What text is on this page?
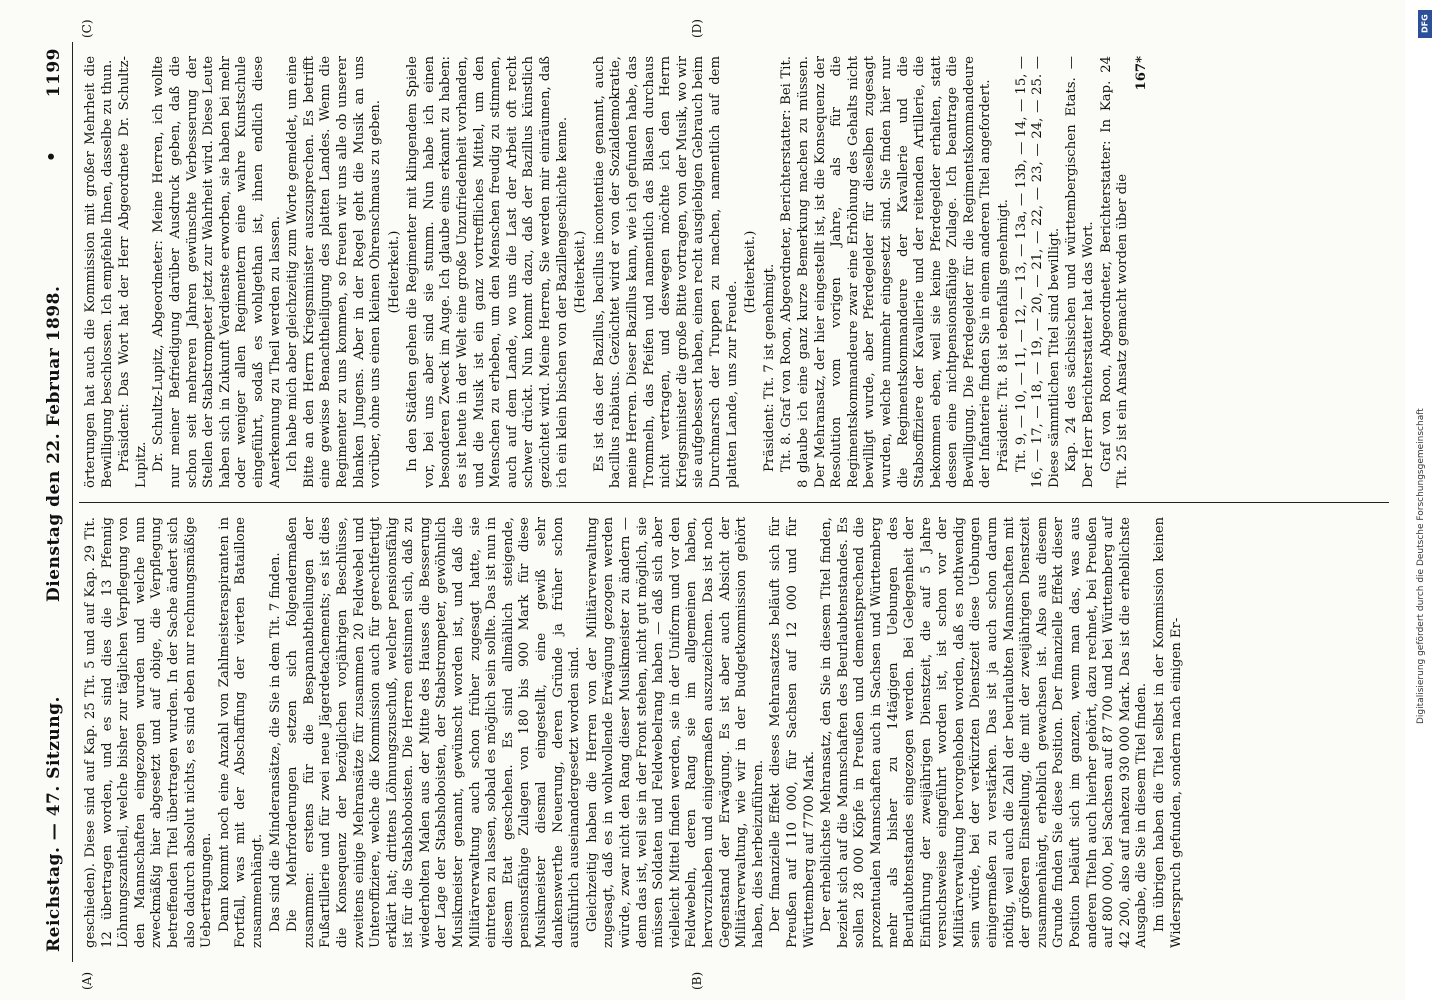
Reichstag. — 47. Sitzung.
Dienstag den 22. Februar 1898.
•
1199

geschieden). Diese sind auf Kap. 25 Tit. 5 und auf Kap. 29 Tit. 12 übertragen worden, und es sind dies die 13 Pfennig Löhnungszantheil, welche bisher zur täglichen Verpflegung von den Mannschaften eingezogen wurden und welche nun zweckmäßig hier abgesetzt und auf obige, die Verpflegung betreffenden Titel übertragen wurden. In der Sache ändert sich also dadurch absolut nichts, es sind eben nur rechnungsmäßige Uebertragungen. Dann kommt noch eine Anzahl von Zahlmeisteraspiranten in Fortfall, was mit der Abschaffung der vierten Bataillone zusammenhängt. Das sind die Minderansätze, die Sie in dem Tit. 7 finden. Die Mehrforderungen setzen sich folgendermaßen zusammen: erstens für die Bespannabtheilungen der Fußartillerie und für zwei neue Jägerdetachements; es ist dies die Konsequenz der bezüglichen vorjährigen Beschlüsse, zweitens einige Mehransätze für zusammen 20 Feldwebel und Unteroffiziere, welche die Kommission auch für gerechtfertigt erklärt hat; drittens Löhnungszuschuß, welcher pensionsfähig ist für die Stabshoboisten. Die Herren entsinnen sich, daß zu wiederholten Malen aus der Mitte des Hauses die Besserung der Lage der Stabshoboisten, der Stabstrompeter, gewöhnlich Musikmeister genannt, gewünscht worden ist, und daß die Militärverwaltung auch schon früher zugesagt hatte, sie eintreten zu lassen, sobald es möglich sein sollte. Das ist nun in diesem Etat geschehen. Es sind allmählich steigende, pensionsfähige Zulagen von 180 bis 900 Mark für diese Musikmeister diesmal eingestellt, eine gewiß sehr dankenswerthe Neuerung, deren Gründe ja früher schon ausführlich auseinandergesetzt worden sind. Gleichzeitig haben die Herren von der Militärverwaltung zugesagt, daß es in wohlwollende Erwägung gezogen werden würde, zwar nicht den Rang dieser Musikmeister zu ändern — denn das ist, weil sie in der Front stehen, nicht gut möglich, sie müssen Soldaten und Feldwebelrang haben — daß sich aber vielleicht Mittel finden werden, sie in der Uniform und vor den Feldwebeln, deren Rang sie im allgemeinen haben, hervorzuheben und einigermaßen auszuzeichnen. Das ist noch Gegenstand der Erwägung. Es ist aber auch Absicht der Militärverwaltung, wie wir in der Budgetkommission gehört haben, dies herbeizuführen. Der finanzielle Effekt dieses Mehransatzes beläuft sich für Preußen auf 110 000, für Sachsen auf 12 000 und für Württemberg auf 7700 Mark. Der erheblichste Mehransatz, den Sie in diesem Titel finden, bezieht sich auf die Mannschaften des Beurlaubtenstandes. Es sollen 28 000 Köpfe in Preußen und dementsprechend die prozentualen Mannschaften auch in Sachsen und Württemberg mehr als bisher zu 14tägigen Uebungen des Beurlaubtenstandes eingezogen werden. Bei Gelegenheit der Einführung der zweijährigen Dienstzeit, die auf 5 Jahre versuchsweise eingeführt worden ist, ist schon vor der Militärverwaltung hervorgehoben worden, daß es nothwendig sein würde, bei der verkürzten Dienstzeit diese Uebungen einigermaßen zu verstärken. Das ist ja auch schon darum nöthig, weil auch die Zahl der beurlaubten Mannschaften mit der größeren Einstellung, die mit der zweijährigen Dienstzeit zusammenhängt, erheblich gewachsen ist. Also aus diesem Grunde finden Sie diese Position. Der finanzielle Effekt dieser Position beläuft sich im ganzen, wenn man das, was aus anderen Titeln auch hierher gehört, dazu rechnet, bei Preußen auf 800 000, bei Sachsen auf 87 700 und bei Württemberg auf 42 200, also auf nahezu 930 000 Mark. Das ist die erheblichste Ausgabe, die Sie in diesem Titel finden. Im übrigen haben die Titel selbst in der Kommission keinen Widerspruch gefunden, sondern nach einigen Er-

örterungen hat auch die Kommission mit großer Mehrheit die Bewilligung beschlossen. Ich empfehle Ihnen, dasselbe zu thun. Präsident: Das Wort hat der Herr Abgeordnete Dr. Schultz-Lupitz. Dr. Schultz-Lupitz, Abgeordneter: Meine Herren, ich wollte nur meiner Befriedigung darüber Ausdruck geben, daß die schon seit mehreren Jahren gewünschte Verbesserung der Stellen der Stabstrompeter jetzt zur Wahrheit wird. Diese Leute haben sich in Zukunft Verdienste erworben, sie haben bei mehr oder weniger allen Regimentern eine wahre Kunstschule eingeführt, sodaß es wohlgethan ist, ihnen endlich diese Anerkennung zu Theil werden zu lassen. Ich habe mich aber gleichzeitig zum Worte gemeldet, um eine Bitte an den Herrn Kriegsminister auszusprechen. Es betrifft eine gewisse Benachtheiligung des platten Landes. Wenn die Regimenter zu uns kommen, so freuen wir uns alle ob unserer blanken Jungens. Aber in der Regel geht die Musik an uns vorüber, ohne uns einen kleinen Ohrenschmaus zu geben. (Heiterkeit.) In den Städten gehen die Regimenter mit klingendem Spiele vor, bei uns aber sind sie stumm. Nun habe ich einen besonderen Zweck im Auge. Ich glaube eins erkannt zu haben: es ist heute in der Welt eine große Unzufriedenheit vorhanden, und die Musik ist ein ganz vortreffliches Mittel, um den Menschen zu erheben, um den Menschen freudig zu stimmen, auch auf dem Lande, wo uns die Last der Arbeit oft recht schwer drückt. Nun kommt dazu, daß der Bazillus künstlich gezüchtet wird. Meine Herren, Sie werden mir einräumen, daß ich ein klein bischen von der Bazillengeschichte kenne. (Heiterkeit.) Es ist das der Bazillus, bacillus incontentiae genannt, auch bacillus rabiatus. Gezüchtet wird er von der Sozialdemokratie, meine Herren. Dieser Bazillus kann, wie ich gefunden habe, das Trommeln, das Pfeifen und namentlich das Blasen durchaus nicht vertragen, und deswegen möchte ich den Herrn Kriegsminister die große Bitte vortragen, von der Musik, wo wir sie aufgebessert haben, einen recht ausgiebigen Gebrauch beim Durchmarsch der Truppen zu machen, namentlich auf dem platten Lande, uns zur Freude.

(Heiterkeit.) Präsident: Tit. 7 ist genehmigt. Tit. 8. Graf von Roon, Abgeordneter, Berichterstatter: Bei Tit. 8 glaube ich eine ganz kurze Bemerkung machen zu müssen. Der Mehransatz, der hier eingestellt ist, ist die Konsequenz der Resolution vom vorigen Jahre, als für die Regimentskommandeure zwar eine Erhöhung des Gehalts nicht bewilligt wurde, aber Pferdegelder für dieselben zugesagt wurden, welche nunmehr eingesetzt sind. Sie finden hier nur die Regimentskommandeure der Kavallerie und die Stabsoffiziere der Kavallerie und der reitenden Artillerie, die bekommen eben, weil sie keine Pferdegelder erhalten, statt dessen eine nichtpensionsfähige Zulage. Ich beantrage die Bewilligung. Die Pferdegelder für die Regimentskommandeure der Infanterie finden Sie in einem anderen Titel angefordert. Präsident: Tit. 8 ist ebenfalls genehmigt. Tit. 9, — 10, — 11, — 12, — 13, — 13a, — 13b, — 14, — 15, — 16, — 17, — 18, — 19, — 20, — 21, — 22, — 23, — 24, — 25. — Diese sämmtlichen Titel sind bewilligt. Kap. 24 des sächsischen und württembergischen Etats. — Der Herr Berichterstatter hat das Wort. Graf von Roon, Abgeordneter, Berichterstatter: In Kap. 24 Tit. 25 ist ein Ansatz gemacht worden über die

167*
DFG
Digitalisierung gefördert durch die Deutsche Forschungsgemeinschaft
(A)	(B)
(C)	(D)
